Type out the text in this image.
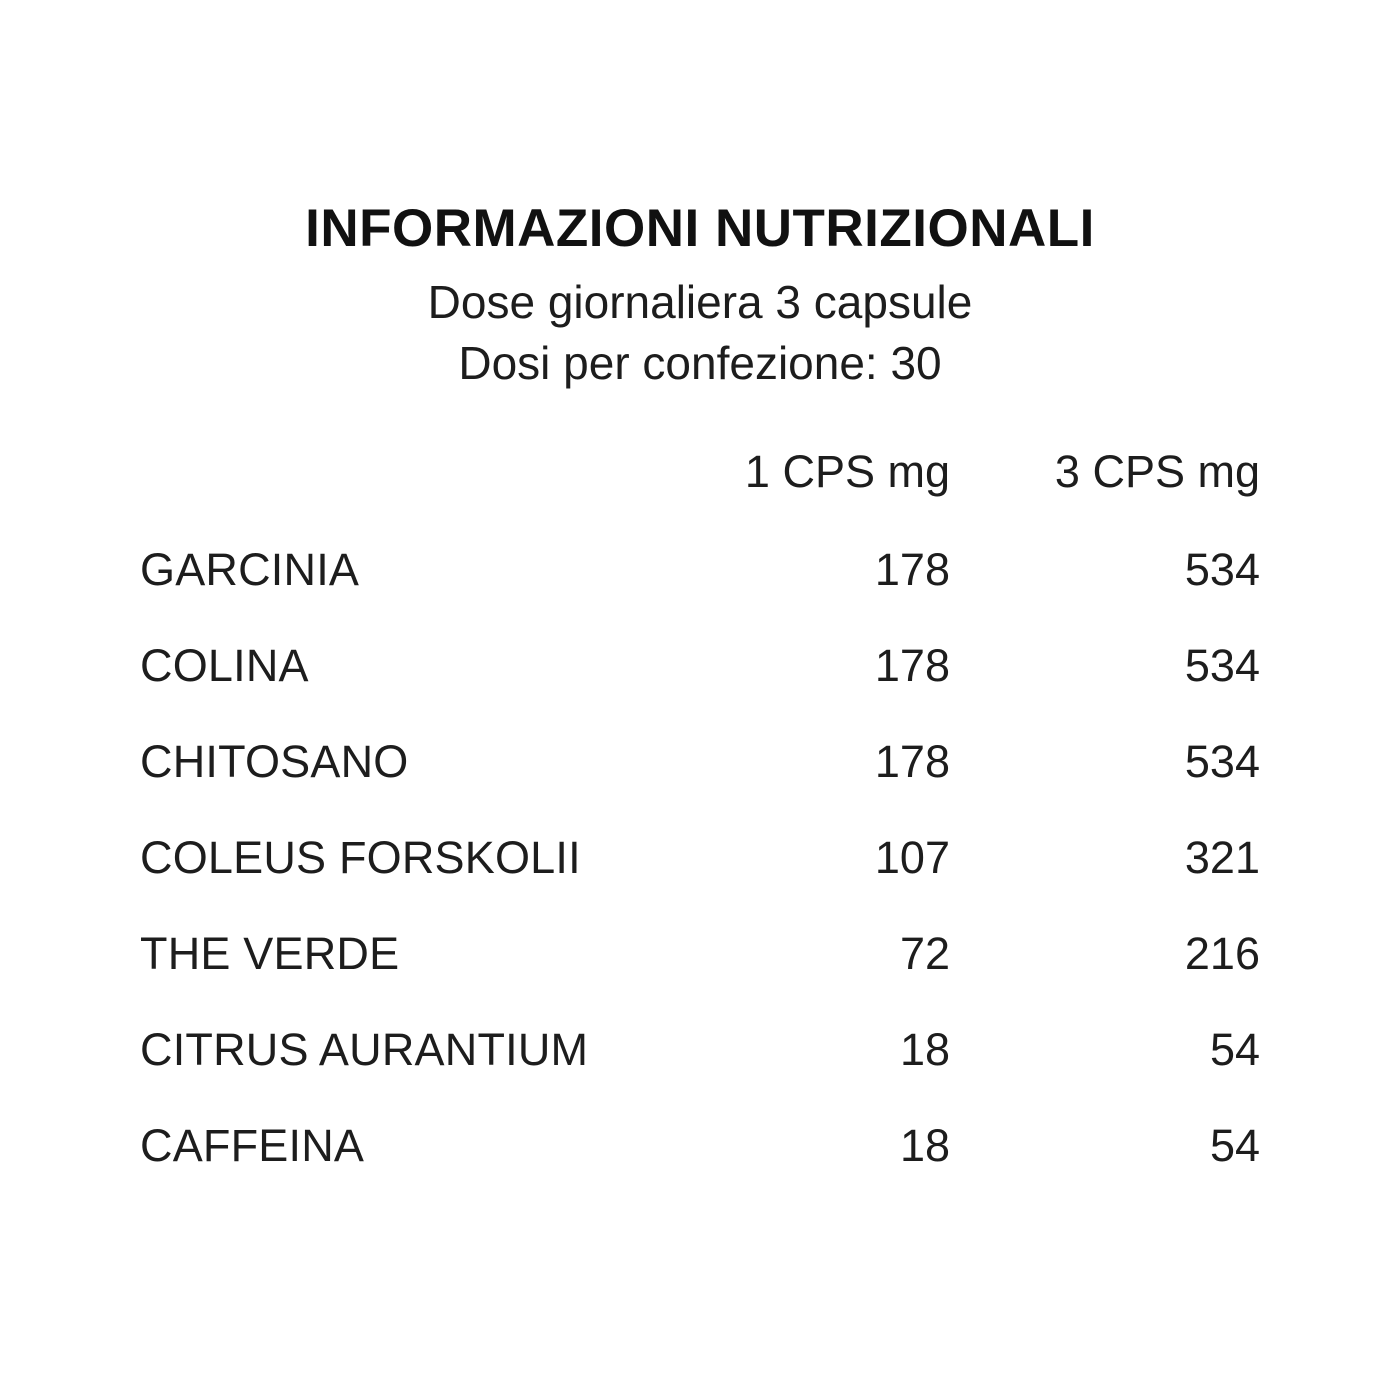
INFORMAZIONI NUTRIZIONALI

Dose giornaliera 3 capsule

Dosi per confezione: 30

	1 CPS mg	3 CPS mg
GARCINIA	178	534
COLINA	178	534
CHITOSANO	178	534
COLEUS FORSKOLII	107	321
THE VERDE	72	216
CITRUS AURANTIUM	18	54
CAFFEINA	18	54
